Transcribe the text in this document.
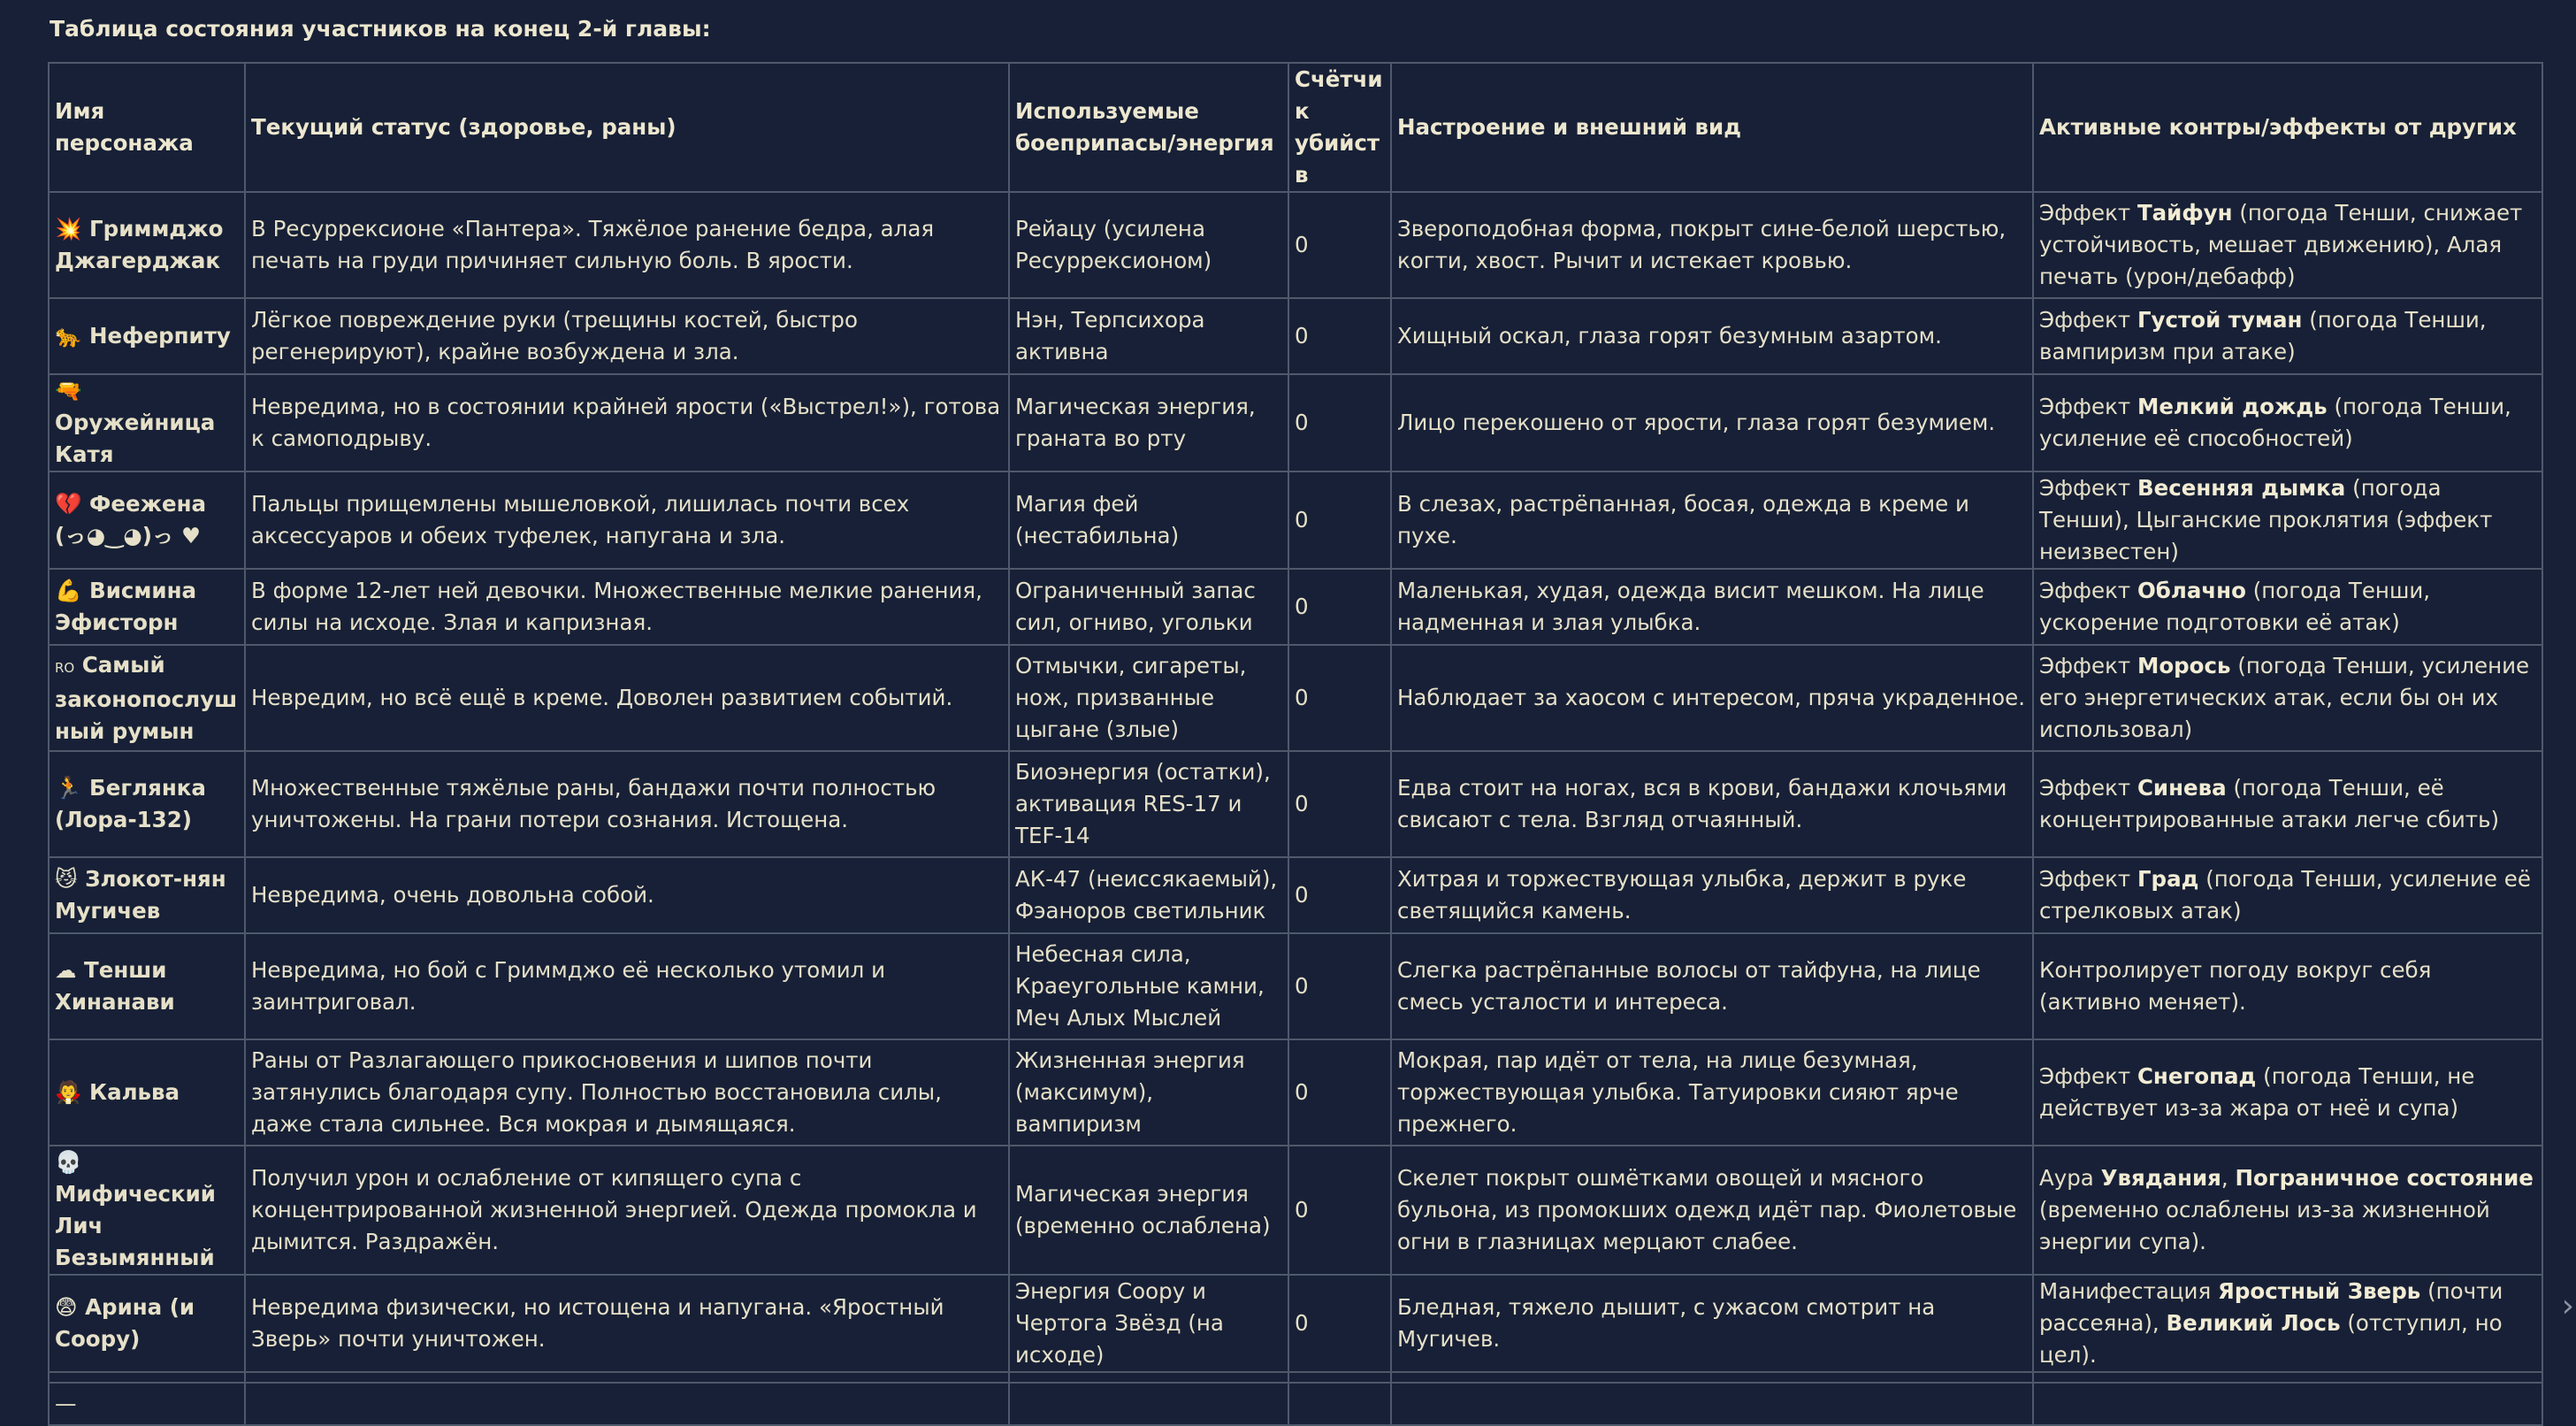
Таблица состояния участников на конец 2-й главы:
Имя персонажа	Текущий статус (здоровье, раны)	Используемые боеприпасы/энергия	Счётчик убийств	Настроение и внешний вид	Активные контры/эффекты от других
💥 Гриммджо Джагерджак	В Ресуррексионе «Пантера». Тяжёлое ранение бедра, алая печать на груди причиняет сильную боль. В ярости.	Рейацу (усилена Ресуррексионом)	0	Звероподобная форма, покрыт сине-белой шерстью, когти, хвост. Рычит и истекает кровью.	Эффект Тайфун (погода Тенши, снижает устойчивость, мешает движению), Алая печать (урон/дебафф)
🐆 Неферпиту	Лёгкое повреждение руки (трещины костей, быстро регенерируют), крайне возбуждена и зла.	Нэн, Терпсихора активна	0	Хищный оскал, глаза горят безумным азартом.	Эффект Густой туман (погода Тенши, вампиризм при атаке)
🔫 Оружейница Катя	Невредима, но в состоянии крайней ярости («Выстрел!»), готова к самоподрыву.	Магическая энергия, граната во рту	0	Лицо перекошено от ярости, глаза горят безумием.	Эффект Мелкий дождь (погода Тенши, усиление её способностей)
💔 Феежена (っ◕‿◕)っ ♥	Пальцы прищемлены мышеловкой, лишилась почти всех аксессуаров и обеих туфелек, напугана и зла.	Магия фей (нестабильна)	0	В слезах, растрёпанная, босая, одежда в креме и пухе.	Эффект Весенняя дымка (погода Тенши), Цыганские проклятия (эффект неизвестен)
💪 Висмина Эфисторн	В форме 12-лет ней девочки. Множественные мелкие ранения, силы на исходе. Злая и капризная.	Ограниченный запас сил, огниво, угольки	0	Маленькая, худая, одежда висит мешком. На лице надменная и злая улыбка.	Эффект Облачно (погода Тенши, ускорение подготовки её атак)
RO Самый законопослушный румын	Невредим, но всё ещё в креме. Доволен развитием событий.	Отмычки, сигареты, нож, призванные цыгане (злые)	0	Наблюдает за хаосом с интересом, пряча украденное.	Эффект Морось (погода Тенши, усиление его энергетических атак, если бы он их использовал)
🏃 Беглянка (Лора-132)	Множественные тяжёлые раны, бандажи почти полностью уничтожены. На грани потери сознания. Истощена.	Биоэнергия (остатки), активация RES-17 и TEF-14	0	Едва стоит на ногах, вся в крови, бандажи клочьями свисают с тела. Взгляд отчаянный.	Эффект Синева (погода Тенши, её концентрированные атаки легче сбить)
😼 Злокот-нян Мугичев	Невредима, очень довольна собой.	АК-47 (неиссякаемый), Фэаноров светильник	0	Хитрая и торжествующая улыбка, держит в руке светящийся камень.	Эффект Град (погода Тенши, усиление её стрелковых атак)
☁ Тенши Хинанави	Невредима, но бой с Гриммджо её несколько утомил и заинтриговал.	Небесная сила, Краеугольные камни, Меч Алых Мыслей	0	Слегка растрёпанные волосы от тайфуна, на лице смесь усталости и интереса.	Контролирует погоду вокруг себя (активно меняет).
🧛 Кальва	Раны от Разлагающего прикосновения и шипов почти затянулись благодаря супу. Полностью восстановила силы, даже стала сильнее. Вся мокрая и дымящаяся.	Жизненная энергия (максимум), вампиризм	0	Мокрая, пар идёт от тела, на лице безумная, торжествующая улыбка. Татуировки сияют ярче прежнего.	Эффект Снегопад (погода Тенши, не действует из-за жара от неё и супа)
💀 Мифический Лич Безымянный	Получил урон и ослабление от кипящего супа с концентрированной жизненной энергией. Одежда промокла и дымится. Раздражён.	Магическая энергия (временно ослаблена)	0	Скелет покрыт ошмётками овощей и мясного бульона, из промокших одежд идёт пар. Фиолетовые огни в глазницах мерцают слабее.	Аура Увядания, Пограничное состояние (временно ослаблены из-за жизненной энергии супа).
😨 Арина (и Соору)	Невредима физически, но истощена и напугана. «Яростный Зверь» почти уничтожен.	Энергия Соору и Чертога Звёзд (на исходе)	0	Бледная, тяжело дышит, с ужасом смотрит на Мугичев.	Манифестация Яростный Зверь (почти рассеяна), Великий Лось (отступил, но цел).

—					
›
